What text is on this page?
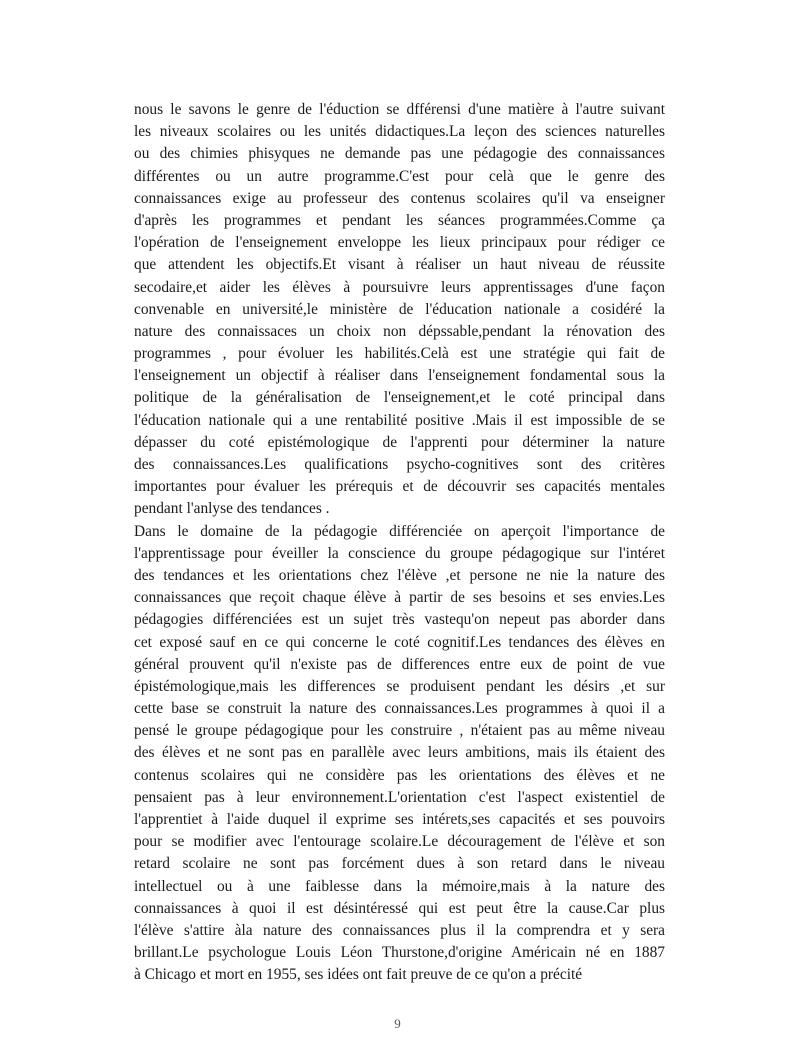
nous le savons le genre de l'éduction se dfférensi d'une matière à l'autre suivant
les niveaux scolaires ou les unités didactiques.La leçon des sciences naturelles
ou des chimies phisyques ne demande pas une pédagogie des connaissances
différentes ou un autre programme.C'est pour celà que le genre des
connaissances exige au professeur des contenus scolaires qu'il va enseigner
d'après les programmes et pendant les séances programmées.Comme ça
l'opération de l'enseignement enveloppe les lieux principaux pour rédiger ce
que attendent les objectifs.Et visant à réaliser un haut niveau de réussite
secodaire,et aider les élèves à poursuivre leurs apprentissages d'une façon
convenable en université,le ministère de l'éducation nationale a cosidéré la
nature des connaissaces un choix non dépssable,pendant la rénovation des
programmes , pour évoluer les habilités.Celà est une stratégie qui fait de
l'enseignement un objectif à réaliser dans l'enseignement fondamental sous la
politique de la généralisation de l'enseignement,et le coté principal dans
l'éducation nationale qui a une rentabilité positive .Mais il est impossible de se
dépasser du coté epistémologique de l'apprenti pour déterminer la nature
des connaissances.Les qualifications psycho-cognitives sont des critères
importantes pour évaluer les prérequis et de découvrir ses capacités mentales
pendant l'anlyse des tendances .
Dans le domaine de la pédagogie différenciée on aperçoit l'importance de
l'apprentissage pour éveiller la conscience du groupe pédagogique sur l'intéret
des tendances et les orientations chez l'élève ,et persone ne nie la nature des
connaissances que reçoit chaque élève à partir de ses besoins et ses envies.Les
pédagogies différenciées est un sujet très vastequ'on nepeut pas aborder dans
cet exposé sauf en ce qui concerne le coté cognitif.Les tendances des élèves en
général prouvent qu'il n'existe pas de differences entre eux de point de vue
épistémologique,mais les differences se produisent pendant les désirs ,et sur
cette base se construit la nature des connaissances.Les programmes à quoi il a
pensé le groupe pédagogique pour les construire , n'étaient pas au même niveau
des élèves et ne sont pas en parallèle avec leurs ambitions, mais ils étaient des
contenus scolaires qui ne considère pas les orientations des élèves et ne
pensaient pas à leur environnement.L'orientation c'est l'aspect existentiel de
l'apprentiet à l'aide duquel il exprime ses intérets,ses capacités et ses pouvoirs
pour se modifier avec l'entourage scolaire.Le découragement de l'élève et son
retard scolaire ne sont pas forcément dues à son retard dans le niveau
intellectuel ou à une faiblesse dans la mémoire,mais à la nature des
connaissances à quoi il est désintéressé qui est peut être la cause.Car plus
l'élève s'attire àla nature des connaissances plus il la comprendra et y sera
brillant.Le psychologue Louis Léon Thurstone,d'origine Américain né en 1887
à Chicago et mort en 1955, ses idées ont fait preuve de ce qu'on a précité
9
